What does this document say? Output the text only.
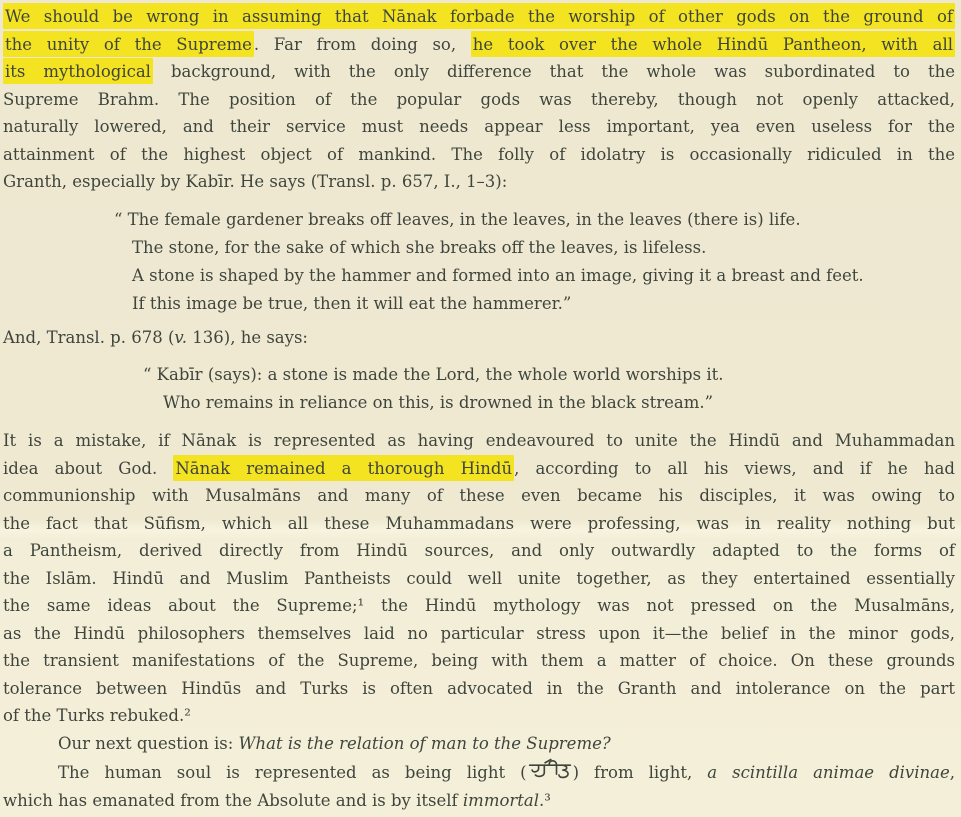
We should be wrong in assuming that Nānak forbade the worship of other gods on the ground of
the unity of the Supreme . Far from doing so, he took over the whole Hindū Pantheon, with all
its mythological background, with the only difference that the whole was subordinated to the
Supreme Brahm. The position of the popular gods was thereby, though not openly attacked,
naturally lowered, and their service must needs appear less important, yea even useless for the
attainment of the highest object of mankind. The folly of idolatry is occasionally ridiculed in the
Granth, especially by Kabīr. He says (Transl. p. 657, I., 1–3):
“ The female gardener breaks off leaves, in the leaves, in the leaves (there is) life.
The stone, for the sake of which she breaks off the leaves, is lifeless.
A stone is shaped by the hammer and formed into an image, giving it a breast and feet.
If this image be true, then it will eat the hammerer.”
And, Transl. p. 678 (v. 136), he says:
“ Kabīr (says): a stone is made the Lord, the whole world worships it.
Who remains in reliance on this, is drowned in the black stream.”
It is a mistake, if Nānak is represented as having endeavoured to unite the Hindū and Muhammadan
idea about God. Nānak remained a thorough Hindū , according to all his views, and if he had
communionship with Musalmāns and many of these even became his disciples, it was owing to
the fact that Sūfism, which all these Muhammadans were professing, was in reality nothing but
a Pantheism, derived directly from Hindū sources, and only outwardly adapted to the forms of
the Islām. Hindū and Muslim Pantheists could well unite together, as they entertained essentially
the same ideas about the Supreme;¹ the Hindū mythology was not pressed on the Musalmāns,
as the Hindū philosophers themselves laid no particular stress upon it—the belief in the minor gods,
the transient manifestations of the Supreme, being with them a matter of choice. On these grounds
tolerance between Hindūs and Turks is often advocated in the Granth and intolerance on the part
of the Turks rebuked.²
Our next question is: What is the relation of man to the Supreme?
The human soul is represented as being light (	) from light, a scintilla animae divinae,
which has emanated from the Absolute and is by itself immortal.³
